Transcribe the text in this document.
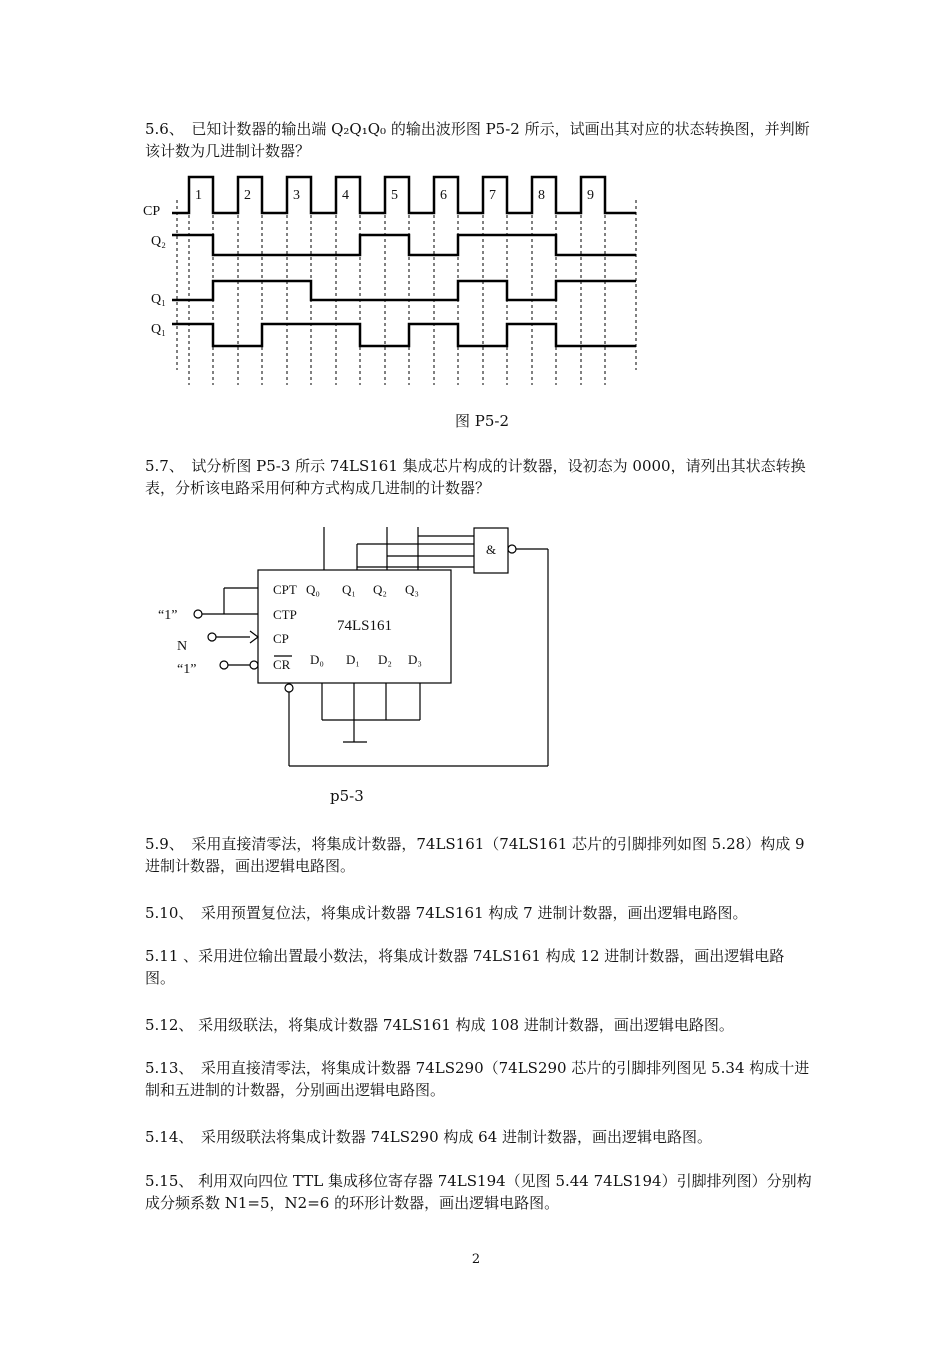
5.6、　已知计数器的输出端 Q₂Q₁Q₀ 的输出波形图 P5-2 所示，试画出其对应的状态转换图，并判断该计数为几进制计数器？

1	2	3	4	5	6	7	8	9
CP
Q₂
Q₁
Q₁
图 P5-2

5.7、　试分析图 P5-3 所示 74LS161 集成芯片构成的计数器，设初态为 0000，请列出其状态转换表，分析该电路采用何种方式构成几进制的计数器？

&
CPT
CTP
CP
CR
Q₀ Q₁ Q₂ Q₃
D₀ D₁ D₂ D₃
74LS161
“1”
N
“1”
p5-3

5.9、　采用直接清零法，将集成计数器，74LS161（74LS161 芯片的引脚排列如图 5.28）构成 9 进制计数器，画出逻辑电路图。

5.10、　采用预置复位法，将集成计数器 74LS161 构成 7 进制计数器，画出逻辑电路图。

5.11 、采用进位输出置最小数法，将集成计数器 74LS161 构成 12 进制计数器，画出逻辑电路图。

5.12、 采用级联法，将集成计数器 74LS161 构成 108 进制计数器，画出逻辑电路图。

5.13、　采用直接清零法，将集成计数器 74LS290（74LS290 芯片的引脚排列图见 5.34 构成十进制和五进制的计数器，分别画出逻辑电路图。

5.14、　采用级联法将集成计数器 74LS290 构成 64 进制计数器，画出逻辑电路图。

5.15、 利用双向四位 TTL 集成移位寄存器 74LS194（见图 5.44 74LS194）引脚排列图）分别构成分频系数 N1=5，N2=6 的环形计数器，画出逻辑电路图。

2
